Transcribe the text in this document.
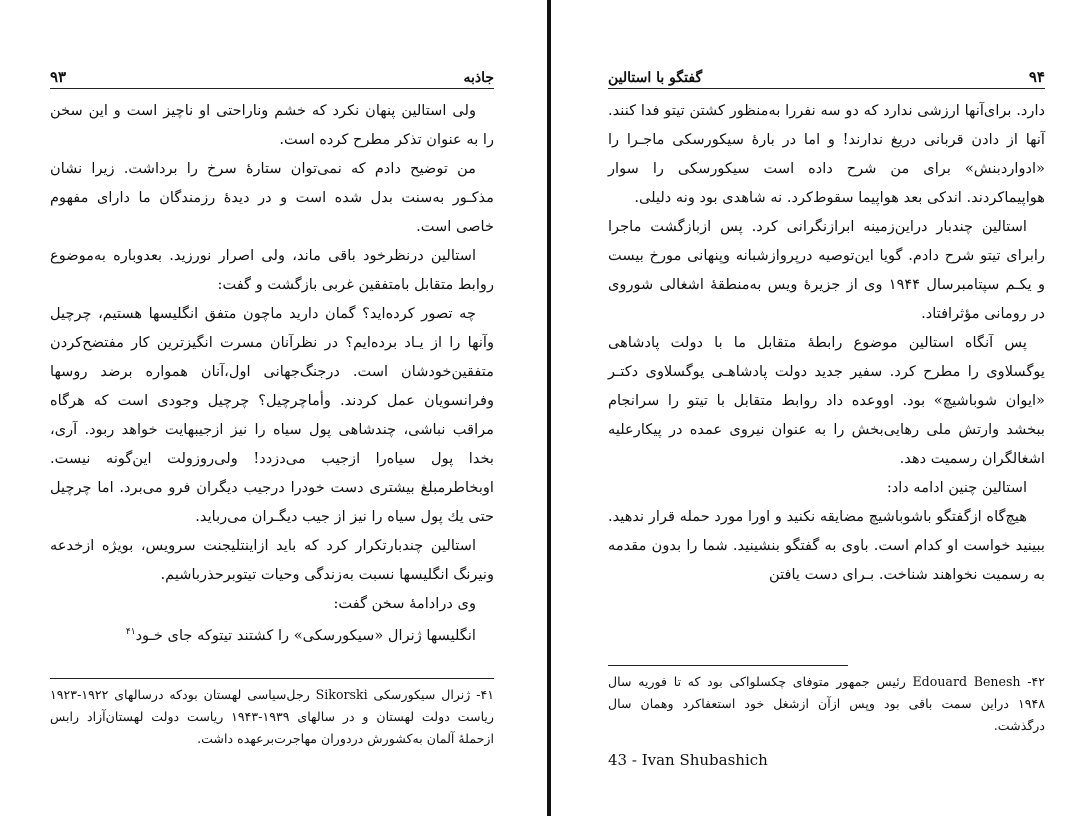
جاذبه
۹۳

ولی استالین پنهان نکرد که خشم وناراحتی او ناچیز است و این سخن را به عنوان تذکر مطرح کرده است.

من توضیح دادم که نمی‌توان ستارهٔ سرخ را برداشت. زیرا نشان مذکـور به‌سنت بدل شده است و در دیدهٔ رزمندگان ما دارای مفهوم خاصی است.

استالین درنظرخود باقی ماند، ولی اصرار نورزید. بعدوباره به‌موضوع روابط متقابل بامتفقین غربی بازگشت و گفت:

چه تصور کرده‌اید؟ گمان دارید ماچون متفق انگلیسها هستیم، چرچیل وآنها را از یـاد برده‌ایم؟ در نظرآنان مسرت انگیزترین کار مفتضح‌کردن متفقین‌خودشان است. درجنگ‌جهانی اول،آنان همواره برضد روسها وفرانسویان عمل کردند. وأماچرچیل؟ چرچیل وجودی است که هرگاه مراقب نباشی، چندشاهی پول سیاه را نیز ازجیبهایت خواهد ربود. آری، بخدا پول سیاه‌را ازجیب می‌دزدد! ولی‌روزولت این‌گونه نیست. اوبخاطرمبلغ بیشتری دست خودرا درجیب دیگران فرو می‌برد. اما چرچیل حتی یك پول سیاه را نیز از جیب دیگـران می‌رباید.

استالین چندبارتکرار کرد که باید ازاینتلیجنت سرویس، بویژه ازخدعه ونیرنگ انگلیسها نسبت به‌زندگی وحیات تیتوبرحذرباشیم.

وی درادامهٔ سخن گفت:

انگلیسها ژنرال «سیکورسکی» را کشتند تیتوکه جای خـود$^{۴۱}$

۴۱- ژنرال سیکورسکی Sikorski رجل‌سیاسی لهستان بودکه درسالهای ۱۹۲۲-۱۹۲۳ ریاست دولت لهستان و در سالهای ۱۹۳۹-۱۹۴۳ ریاست دولت لهستان‌آزاد رابس ازحملهٔ آلمان به‌کشورش دردوران مهاجرت‌برعهده داشت.

۹۴
گفتگو با استالین

دارد. برای‌آنها ارزشی ندارد که دو سه نفررا به‌منظور کشتن تیتو فدا کنند. آنها از دادن قربانی دریغ ندارند! و اما در بارهٔ سیکورسکی ماجـرا را «ادواردبنش» برای من شرح داده است سیکورسکی را سوار هواپیماکردند. اندکی بعد هواپیما سقوط‌کرد. نه شاهدی بود ونه دلیلی.

استالین چندبار دراین‌زمینه ابرازنگرانی کرد. پس ازبازگشت ماجرا رابرای تیتو شرح دادم. گویا این‌توصیه درپروازشبانه وپنهانی مورخ بیست و یکـم سپتامبرسال ۱۹۴۴ وی از جزیرهٔ ویس به‌منطقهٔ اشغالی شوروی در رومانی مؤثرافتاد.

پس آنگاه استالین موضوع رابطهٔ متقابل ما با دولت پادشاهی یوگسلاوی را مطرح کرد. سفیر جدید دولت پادشاهـی یوگسلاوی دکتـر «ایوان شوباشیچ» بود. اووعده داد روابط متقابل با تیتو را سرانجام ببخشد وارتش ملی رهایی‌بخش را به عنوان نیروی عمده در پیکارعلیه اشغالگران رسمیت دهد.

استالین چنین ادامه داد:

هیچ‌گاه ازگفتگو باشوباشیچ مضایقه نکنید و اورا مورد حمله قرار ندهید. ببینید خواست او کدام است. باوی به گفتگو بنشینید. شما را بدون مقدمه به رسمیت نخواهند شناخت. بـرای دست یافتن

۴۲- Edouard Benesh رئیس جمهور متوفای چکسلواکی بود که تا فوریه سال ۱۹۴۸ دراین سمت باقی بود وپس ازآن ازشغل خود استعفاکرد وهمان سال درگذشت.

43 - Ivan Shubashich
